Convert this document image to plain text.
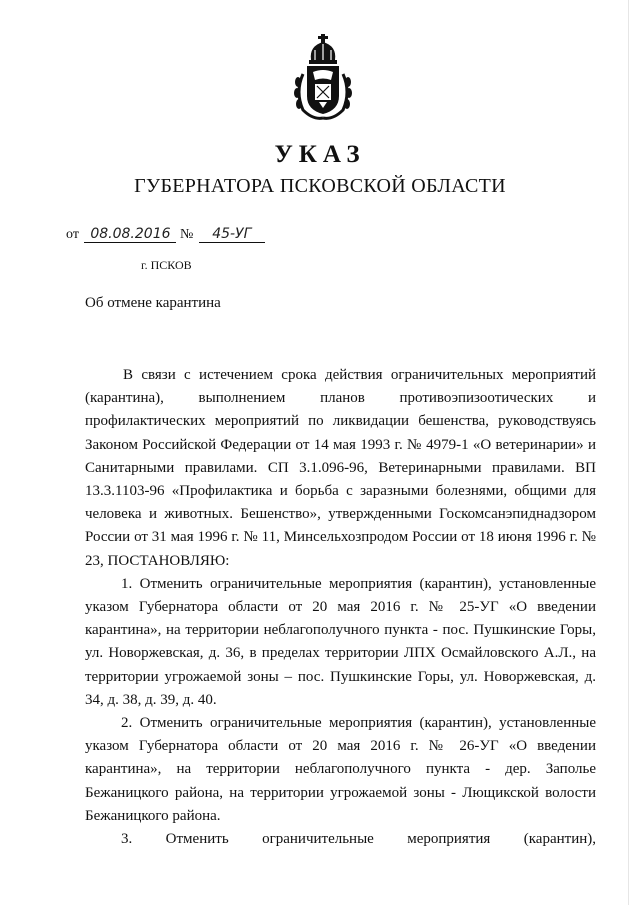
УКАЗ
ГУБЕРНАТОРА ПСКОВСКОЙ ОБЛАСТИ
от 08.08.2016 № 45-УГ
г. ПСКОВ
Об отмене карантина

В связи с истечением срока действия ограничительных мероприятий (карантина), выполнением планов противоэпизоотических и профилактических мероприятий по ликвидации бешенства, руководствуясь Законом Российской Федерации от 14 мая 1993 г. № 4979-1 «О ветеринарии» и Санитарными правилами. СП 3.1.096-96, Ветеринарными правилами. ВП 13.3.1103-96 «Профилактика и борьба с заразными болезнями, общими для человека и животных. Бешенство», утвержденными Госкомсанэпиднадзором России от 31 мая 1996 г. № 11, Минсельхозпродом России от 18 июня 1996 г. № 23, ПОСТАНОВЛЯЮ:

1. Отменить ограничительные мероприятия (карантин), установленные указом Губернатора области от 20 мая 2016 г. № 25-УГ «О введении карантина», на территории неблагополучного пункта - пос. Пушкинские Горы, ул. Новоржевская, д. 36, в пределах территории ЛПХ Осмайловского А.Л., на территории угрожаемой зоны – пос. Пушкинские Горы, ул. Новоржевская, д. 34, д. 38, д. 39, д. 40.

2. Отменить ограничительные мероприятия (карантин), установленные указом Губернатора области от 20 мая 2016 г. № 26-УГ «О введении карантина», на территории неблагополучного пункта - дер. Заполье Бежаницкого района, на территории угрожаемой зоны - Лющикской волости Бежаницкого района.

3. Отменить ограничительные мероприятия (карантин),
